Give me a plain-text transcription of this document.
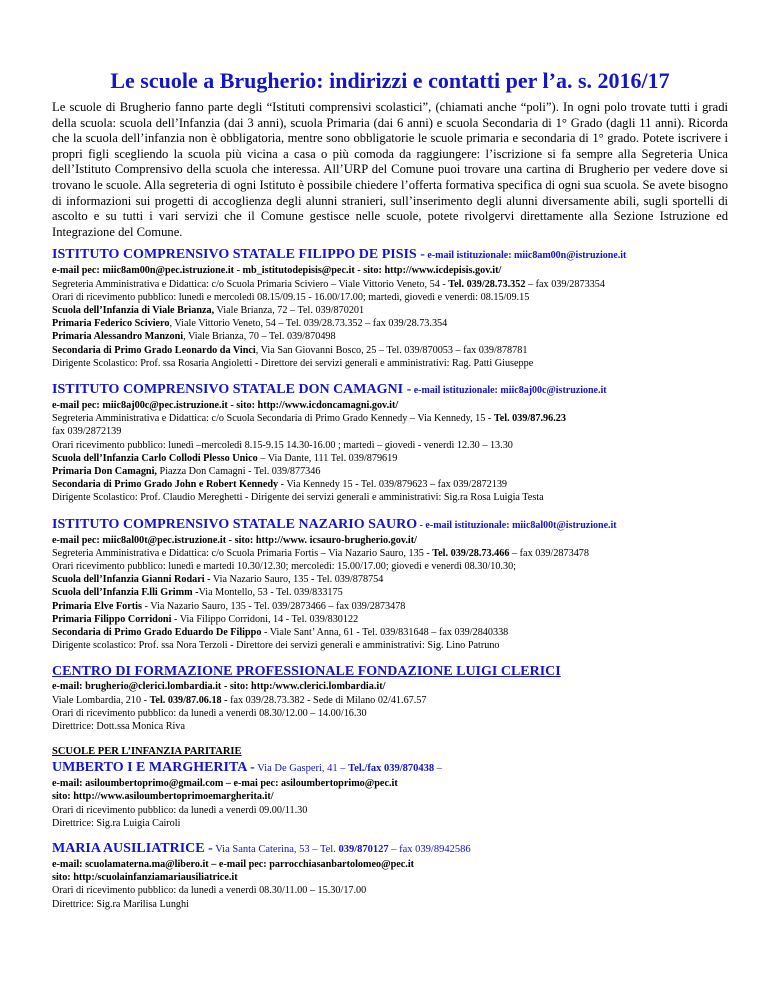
Le scuole a Brugherio: indirizzi e contatti per l’a. s. 2016/17
Le scuole di Brugherio fanno parte degli “Istituti comprensivi scolastici”, (chiamati anche “poli”). In ogni polo trovate tutti i gradi della scuola: scuola dell’Infanzia (dai 3 anni), scuola Primaria (dai 6 anni) e scuola Secondaria di 1° Grado (dagli 11 anni). Ricorda che la scuola dell’infanzia non è obbligatoria, mentre sono obbligatorie le scuole primaria e secondaria di 1° grado. Potete iscrivere i propri figli scegliendo la scuola più vicina a casa o più comoda da raggiungere: l’iscrizione si fa sempre alla Segreteria Unica dell’Istituto Comprensivo della scuola che interessa. All’URP del Comune puoi trovare una cartina di Brugherio per vedere dove si trovano le scuole. Alla segreteria di ogni Istituto è possibile chiedere l’offerta formativa specifica di ogni sua scuola. Se avete bisogno di informazioni sui progetti di accoglienza degli alunni stranieri, sull’inserimento degli alunni diversamente abili, sugli sportelli di ascolto e su tutti i vari servizi che il Comune gestisce nelle scuole, potete rivolgervi direttamente alla Sezione Istruzione ed Integrazione del Comune.
ISTITUTO COMPRENSIVO STATALE FILIPPO DE PISIS - e-mail istituzionale: miic8am00n@istruzione.it
e-mail pec: miic8am00n@pec.istruzione.it - mb_istitutodepisis@pec.it - sito: http://www.icdepisis.gov.it/
Segreteria Amministrativa e Didattica: c/o Scuola Primaria Sciviero – Viale Vittorio Veneto, 54 - Tel. 039/28.73.352 – fax 039/2873354
Orari di ricevimento pubblico: lunedì e mercoledì 08.15/09.15 - 16.00/17.00; martedì, giovedì e venerdì: 08.15/09.15
Scuola dell’Infanzia di Viale Brianza, Viale Brianza, 72 – Tel. 039/870201
Primaria Federico Sciviero, Viale Vittorio Veneto, 54 – Tel. 039/28.73.352 – fax 039/28.73.354
Primaria Alessandro Manzoni, Viale Brianza, 70 – Tel. 039/870498
Secondaria di Primo Grado Leonardo da Vinci, Via San Giovanni Bosco, 25 – Tel. 039/870053 – fax 039/878781
Dirigente Scolastico: Prof. ssa Rosaria Angioletti - Direttore dei servizi generali e amministrativi: Rag. Patti Giuseppe
ISTITUTO COMPRENSIVO STATALE DON CAMAGNI - e-mail istituzionale: miic8aj00c@istruzione.it
e-mail pec: miic8aj00c@pec.istruzione.it - sito: http://www.icdoncamagni.gov.it/
Segreteria Amministrativa e Didattica: c/o Scuola Secondaria di Primo Grado Kennedy – Via Kennedy, 15 - Tel. 039/87.96.23
fax 039/2872139
Orari ricevimento pubblico: lunedì –mercoledì 8.15-9.15 14.30-16.00 ; martedì – giovedì - venerdì 12.30 – 13.30
Scuola dell’Infanzia Carlo Collodi Plesso Unico – Via Dante, 111 Tel. 039/879619
Primaria Don Camagni, Piazza Don Camagni - Tel. 039/877346
Secondaria di Primo Grado John e Robert Kennedy - Via Kennedy 15 - Tel. 039/879623 – fax 039/2872139
Dirigente Scolastico: Prof. Claudio Mereghetti - Dirigente dei servizi generali e amministrativi: Sig.ra Rosa Luigia Testa
ISTITUTO COMPRENSIVO STATALE NAZARIO SAURO - e-mail istituzionale: miic8al00t@istruzione.it
e-mail pec: miic8al00t@pec.istruzione.it - sito: http://www. icsauro-brugherio.gov.it/
Segreteria Amministrativa e Didattica: c/o Scuola Primaria Fortis – Via Nazario Sauro, 135 - Tel. 039/28.73.466 – fax 039/2873478
Orari ricevimento pubblico: lunedì e martedì 10.30/12.30; mercoledì: 15.00/17.00; giovedì e venerdì 08.30/10.30;
Scuola dell’Infanzia Gianni Rodari - Via Nazario Sauro, 135 - Tel. 039/878754
Scuola dell’Infanzia F.lli Grimm -Via Montello, 53 - Tel. 039/833175
Primaria Elve Fortis - Via Nazario Sauro, 135 - Tel. 039/2873466 – fax 039/2873478
Primaria Filippo Corridoni - Via Filippo Corridoni, 14 - Tel. 039/830122
Secondaria di Primo Grado Eduardo De Filippo - Viale Sant’ Anna, 61 - Tel. 039/831648 – fax 039/2840338
Dirigente scolastico: Prof. ssa Nora Terzoli - Direttore dei servizi generali e amministrativi: Sig. Lino Patruno
CENTRO DI FORMAZIONE PROFESSIONALE FONDAZIONE LUIGI CLERICI
e-mail: brugherio@clerici.lombardia.it - sito: http:/www.clerici.lombardia.it/
Viale Lombardia, 210 - Tel. 039/87.06.18 - fax 039/28.73.382 - Sede di Milano 02/41.67.57
Orari di ricevimento pubblico: da lunedì a venerdì 08.30/12.00 – 14.00/16.30
Direttrice: Dott.ssa Monica Riva
SCUOLE PER L’INFANZIA PARITARIE
UMBERTO I E MARGHERITA - Via De Gasperi, 41 – Tel./fax 039/870438 –
e-mail: asiloumbertoprimo@gmail.com – e-mai pec: asiloumbertoprimo@pec.it
sito: http://www.asiloumbertoprimoemargherita.it/
Orari di ricevimento pubblico: da lunedì a venerdì 09.00/11.30
Direttrice: Sig.ra Luigia Cairoli
MARIA AUSILIATRICE - Via Santa Caterina, 53 – Tel. 039/870127 – fax 039/8942586
e-mail: scuolamaterna.ma@libero.it – e-mail pec: parrocchiasanbartolomeo@pec.it
sito: http:/scuolainfanziamariausiliatrice.it
Orari di ricevimento pubblico: da lunedì a venerdì 08.30/11.00 – 15.30/17.00
Direttrice: Sig.ra Marilisa Lunghi
